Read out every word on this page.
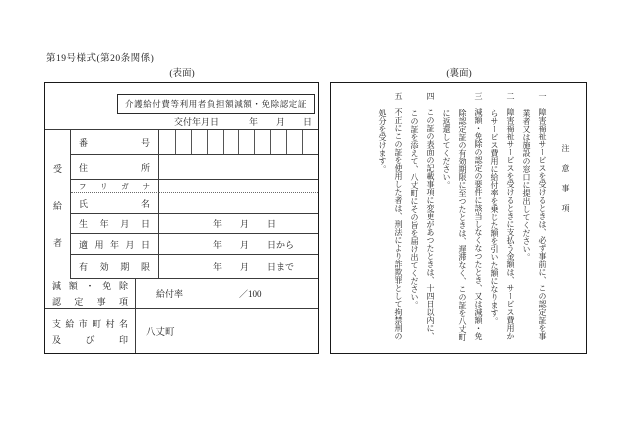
第19号様式(第20条関係)
(表面)	(裏面)
介護給付費等利用者負担額減額・免除認定証
交付年月日	年　　月　　日
受給者
番号
住所
フリガナ
氏名
生年月日	年　　月　　日
適用年月日	年　　月　　日から
有効期限	年　　月　　日まで
減額・免除
認定事項
給付率	／100
支給市町村名
及び印
八丈町
注意事項
一　障害福祉サービスを受けるときは、必ず事前に、この認定証を事業者又は施設の窓口に提出してください。
二　障害福祉サービスを受けるときに支払う金額は、サービス費用からサービス費用に給付率を乗じた額を引いた額になります。
三　減額・免除の認定の要件に該当しなくなつたとき、又は減額・免除認定証の有効期限に至つたときは、遅滞なく、この証を八丈町に返還してください。
四　この証の表面の記載事項に変更があつたときは、十四日以内に、この証を添えて、八丈町にその旨を届け出てください。
五　不正にこの証を使用した者は、刑法により詐欺罪として拘禁刑の処分を受けます。
